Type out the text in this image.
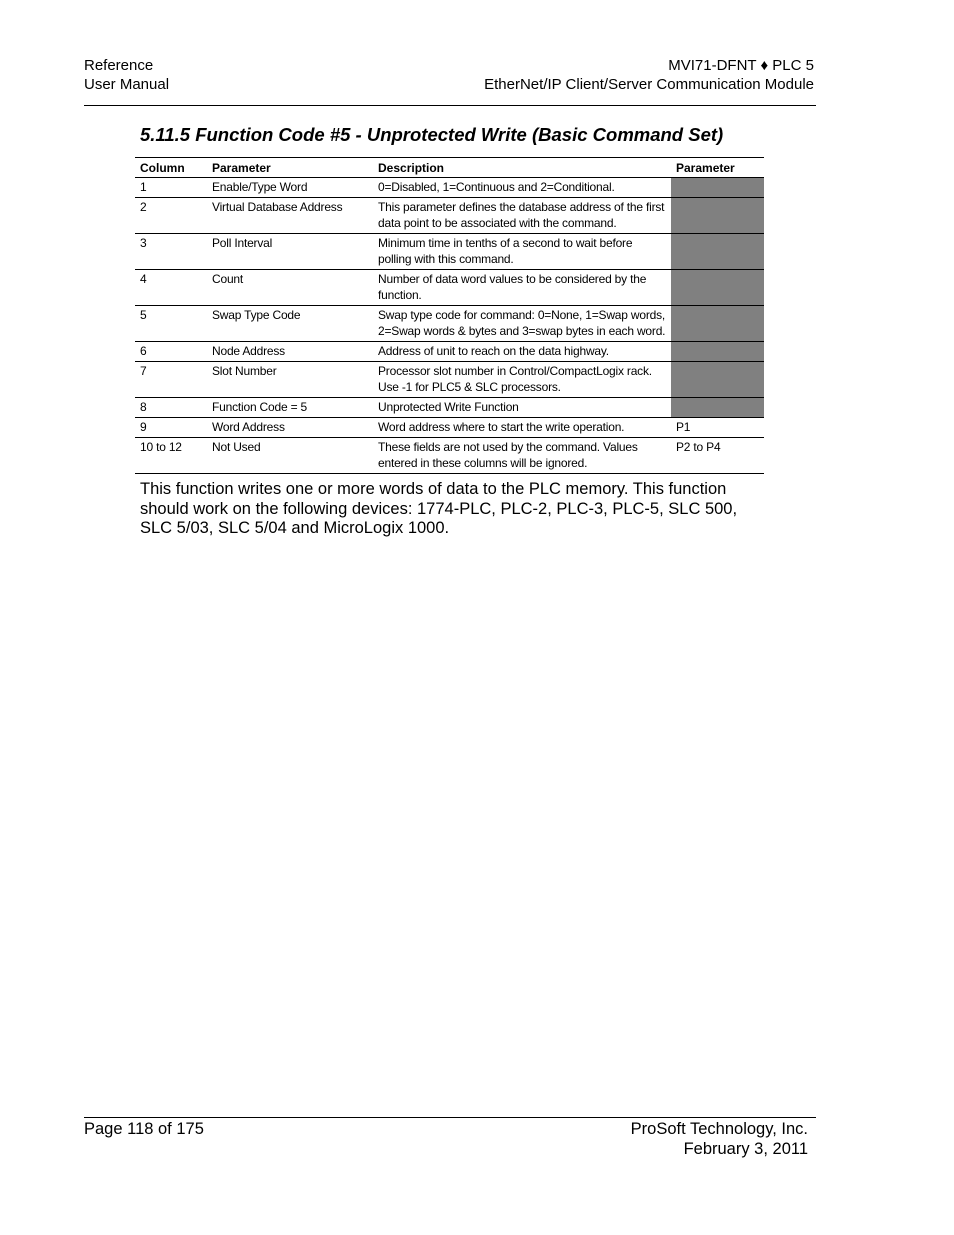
Reference
User Manual
MVI71-DFNT ♦ PLC 5
EtherNet/IP Client/Server Communication Module
5.11.5 Function Code #5 - Unprotected Write (Basic Command Set)
Column	Parameter	Description	Parameter
1	Enable/Type Word	0=Disabled, 1=Continuous and 2=Conditional.	
2	Virtual Database Address	This parameter defines the database address of the first data point to be associated with the command.	
3	Poll Interval	Minimum time in tenths of a second to wait before polling with this command.	
4	Count	Number of data word values to be considered by the function.	
5	Swap Type Code	Swap type code for command: 0=None, 1=Swap words, 2=Swap words & bytes and 3=swap bytes in each word.	
6	Node Address	Address of unit to reach on the data highway.	
7	Slot Number	Processor slot number in Control/CompactLogix rack. Use -1 for PLC5 & SLC processors.	
8	Function Code = 5	Unprotected Write Function	
9	Word Address	Word address where to start the write operation.	P1
10 to 12	Not Used	These fields are not used by the command. Values entered in these columns will be ignored.	P2 to P4
This function writes one or more words of data to the PLC memory. This function should work on the following devices: 1774-PLC, PLC-2, PLC-3, PLC-5, SLC 500, SLC 5/03, SLC 5/04 and MicroLogix 1000.
Page 118 of 175	ProSoft Technology, Inc.
February 3, 2011
